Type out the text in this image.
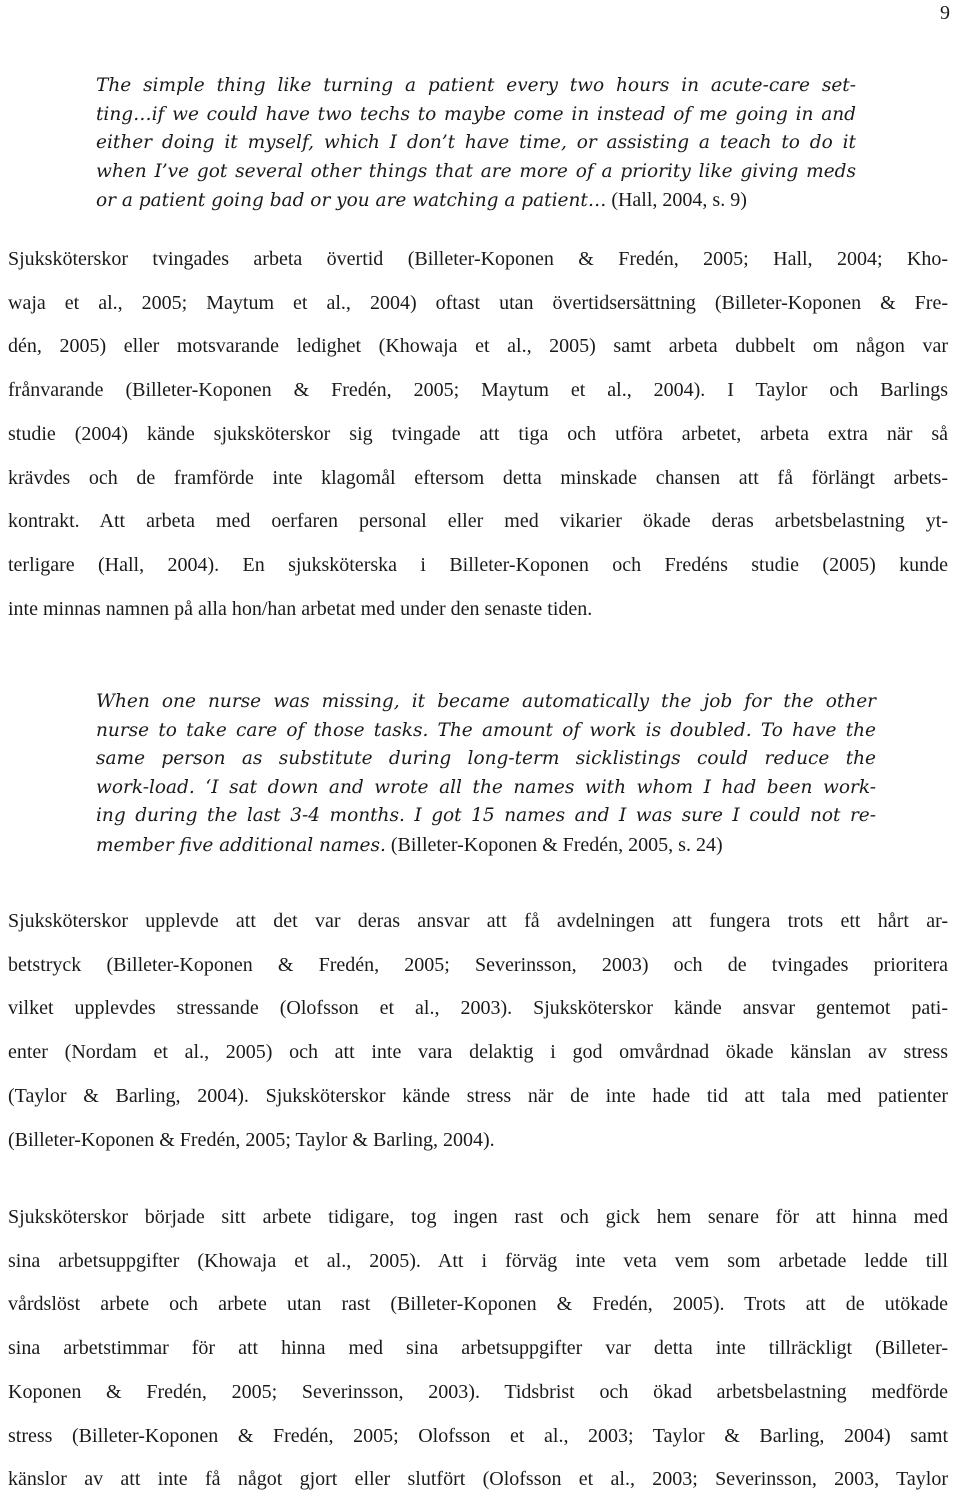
9
The simple thing like turning a patient every two hours in acute-care set-
ting…if we could have two techs to maybe come in instead of me going in and
either doing it myself, which I don’t have time, or assisting a teach to do it
when I’ve got several other things that are more of a priority like giving meds
or a patient going bad or you are watching a patient… (Hall, 2004, s. 9)
Sjuksköterskor tvingades arbeta övertid (Billeter-Koponen & Fredén, 2005; Hall, 2004; Kho-
waja et al., 2005; Maytum et al., 2004) oftast utan övertidsersättning (Billeter-Koponen & Fre-
dén, 2005) eller motsvarande ledighet (Khowaja et al., 2005) samt arbeta dubbelt om någon var
frånvarande (Billeter-Koponen & Fredén, 2005; Maytum et al., 2004). I Taylor och Barlings
studie (2004) kände sjuksköterskor sig tvingade att tiga och utföra arbetet, arbeta extra när så
krävdes och de framförde inte klagomål eftersom detta minskade chansen att få förlängt arbets-
kontrakt. Att arbeta med oerfaren personal eller med vikarier ökade deras arbetsbelastning yt-
terligare (Hall, 2004). En sjuksköterska i Billeter-Koponen och Fredéns studie (2005) kunde
inte minnas namnen på alla hon/han arbetat med under den senaste tiden.
When one nurse was missing, it became automatically the job for the other
nurse to take care of those tasks. The amount of work is doubled. To have the
same person as substitute during long-term sicklistings could reduce the
work-load. ‘I sat down and wrote all the names with whom I had been work-
ing during the last 3-4 months. I got 15 names and I was sure I could not re-
member five additional names. (Billeter-Koponen & Fredén, 2005, s. 24)
Sjuksköterskor upplevde att det var deras ansvar att få avdelningen att fungera trots ett hårt ar-
betstryck (Billeter-Koponen & Fredén, 2005; Severinsson, 2003) och de tvingades prioritera
vilket upplevdes stressande (Olofsson et al., 2003). Sjuksköterskor kände ansvar gentemot pati-
enter (Nordam et al., 2005) och att inte vara delaktig i god omvårdnad ökade känslan av stress
(Taylor & Barling, 2004). Sjuksköterskor kände stress när de inte hade tid att tala med patienter
(Billeter-Koponen & Fredén, 2005; Taylor & Barling, 2004).
Sjuksköterskor började sitt arbete tidigare, tog ingen rast och gick hem senare för att hinna med
sina arbetsuppgifter (Khowaja et al., 2005). Att i förväg inte veta vem som arbetade ledde till
vårdslöst arbete och arbete utan rast (Billeter-Koponen & Fredén, 2005). Trots att de utökade
sina arbetstimmar för att hinna med sina arbetsuppgifter var detta inte tillräckligt (Billeter-
Koponen & Fredén, 2005; Severinsson, 2003). Tidsbrist och ökad arbetsbelastning medförde
stress (Billeter-Koponen & Fredén, 2005; Olofsson et al., 2003; Taylor & Barling, 2004) samt
känslor av att inte få något gjort eller slutfört (Olofsson et al., 2003; Severinsson, 2003, Taylor
